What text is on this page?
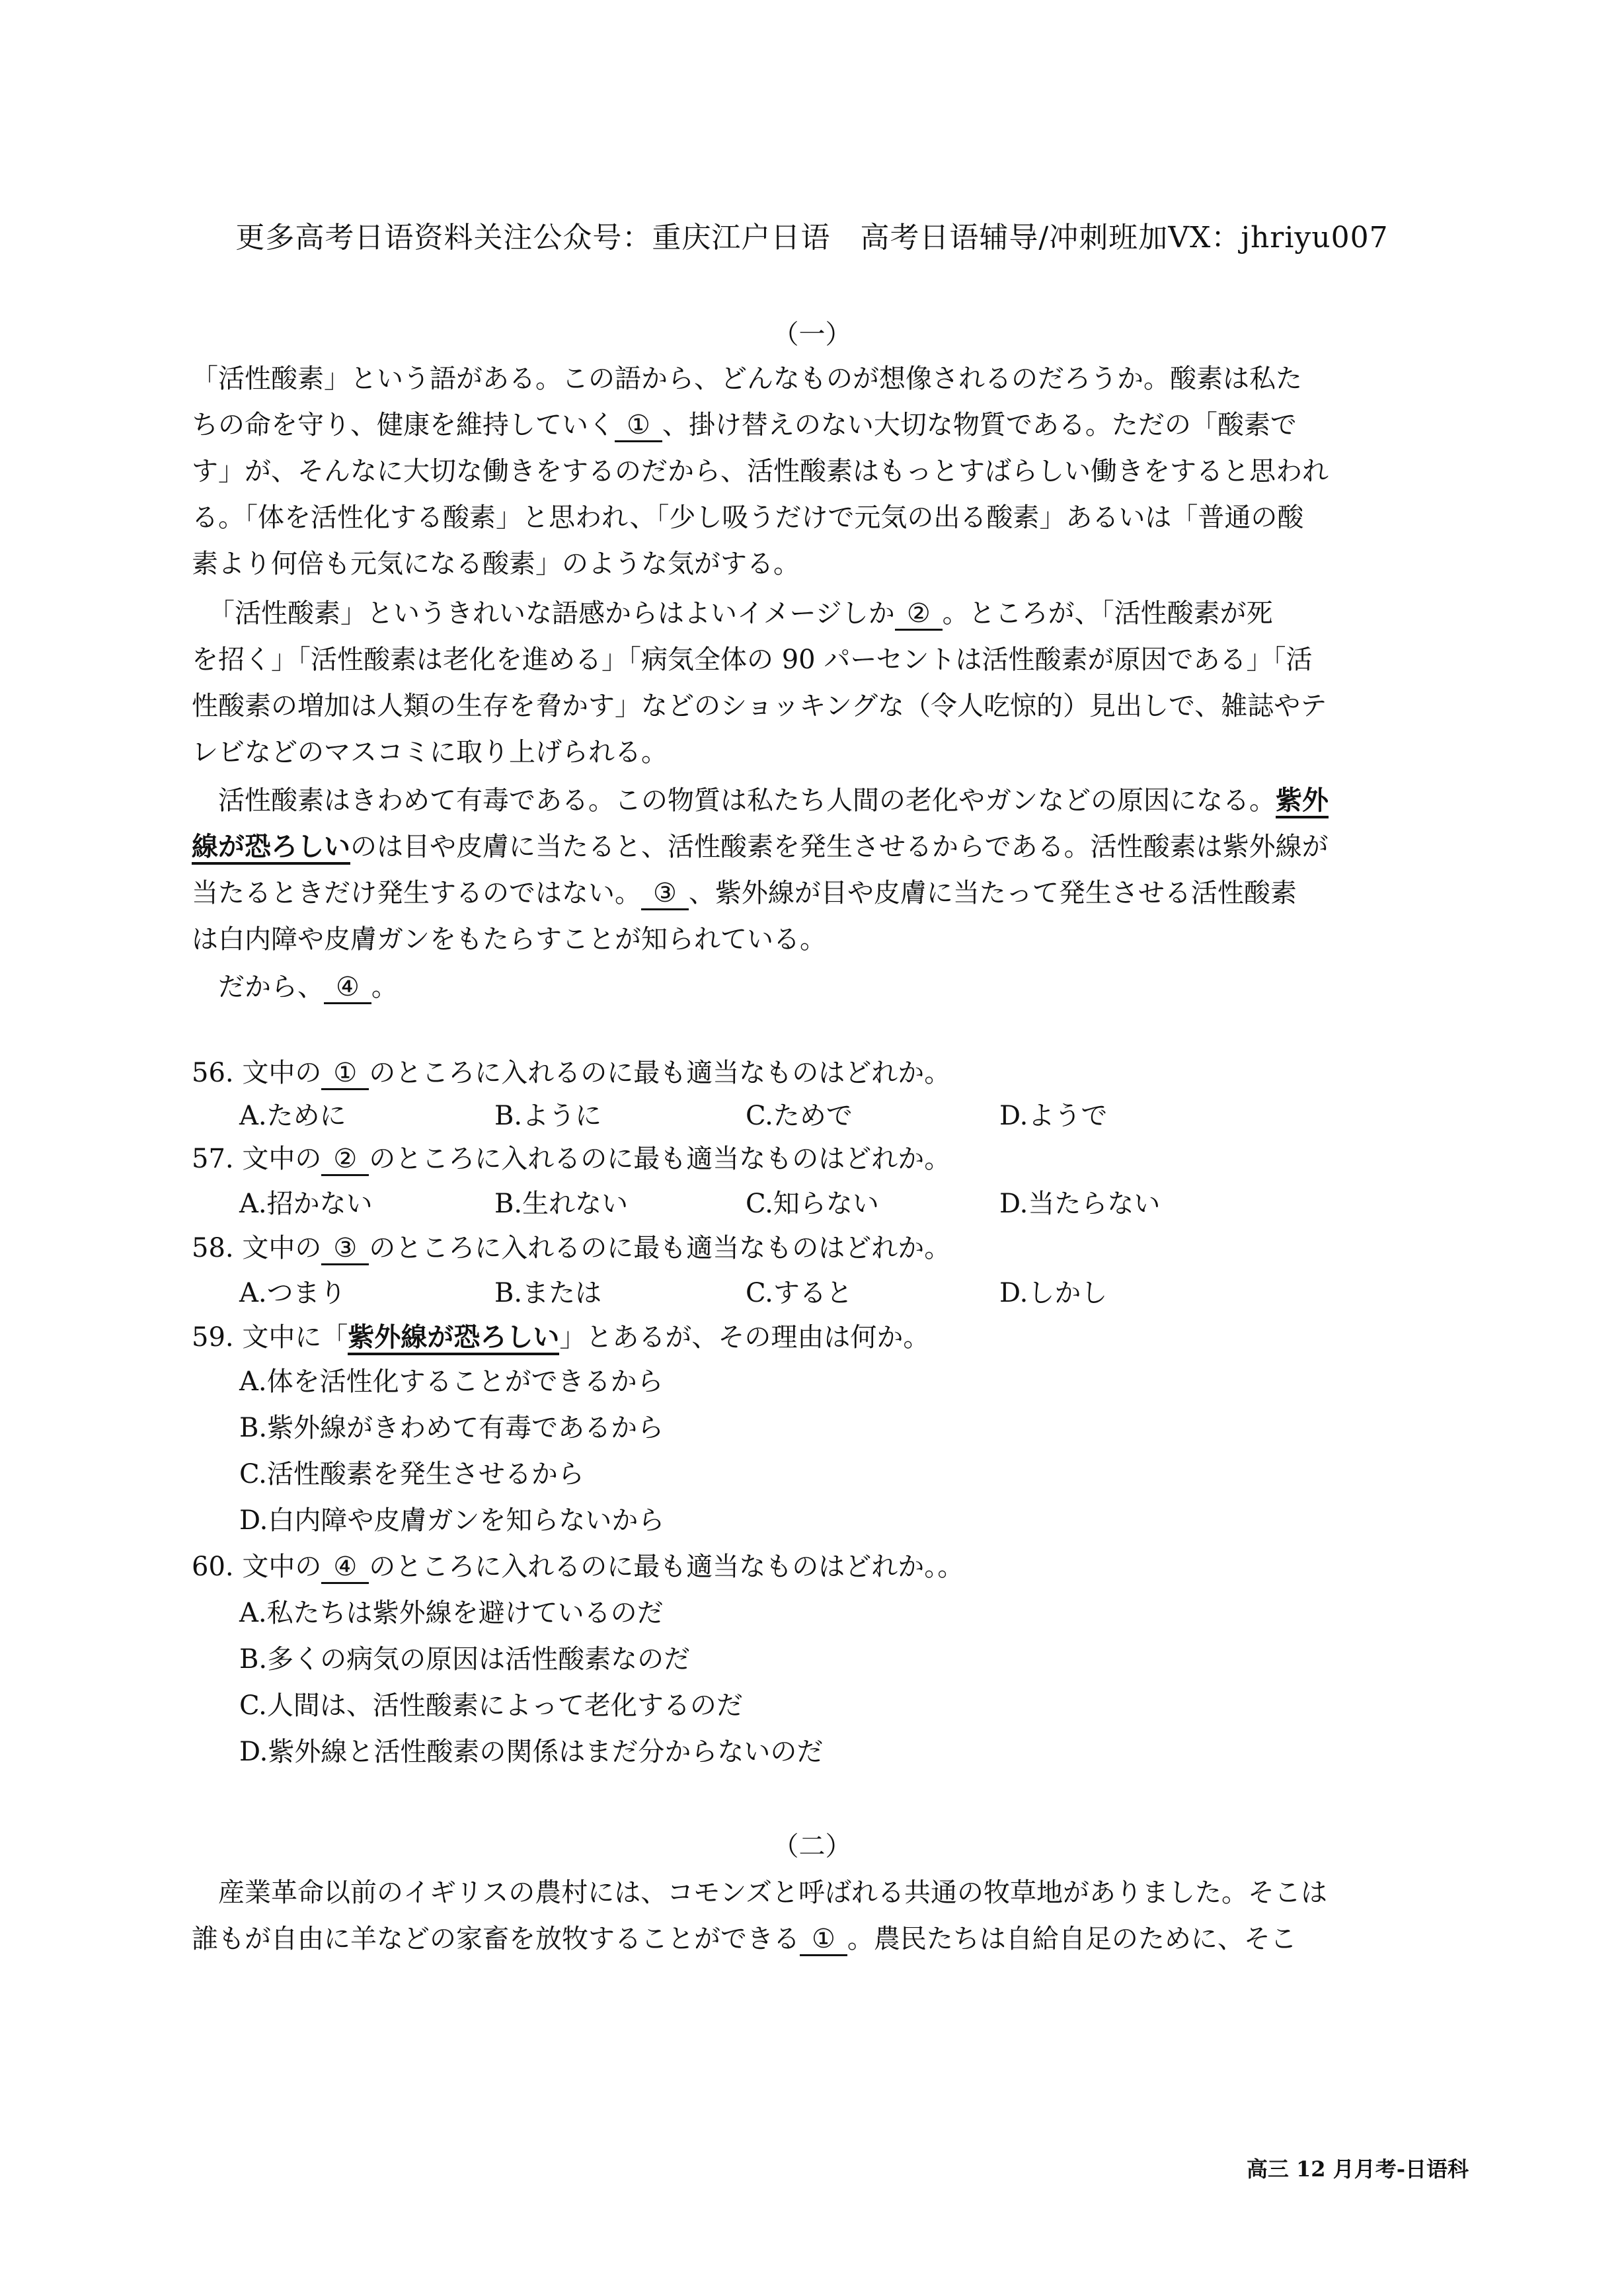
更多高考日语资料关注公众号：重庆江户日语　高考日语辅导/冲刺班加VX：jhriyu007
（一）
「活性酸素」という語がある。この語から、どんなものが想像されるのだろうか。酸素は私た
ちの命を守り、健康を維持していく ① 、掛け替えのない大切な物質である。ただの「酸素で
す」が、そんなに大切な働きをするのだから、活性酸素はもっとすばらしい働きをすると思われ
る。「体を活性化する酸素」と思われ、「少し吸うだけで元気の出る酸素」あるいは「普通の酸
素より何倍も元気になる酸素」のような気がする。
「活性酸素」というきれいな語感からはよいイメージしか ② 。ところが、「活性酸素が死
を招く」「活性酸素は老化を進める」「病気全体の 90 パーセントは活性酸素が原因である」「活
性酸素の増加は人類の生存を脅かす」などのショッキングな（令人吃惊的）見出しで、雑誌やテ
レビなどのマスコミに取り上げられる。
活性酸素はきわめて有毒である。この物質は私たち人間の老化やガンなどの原因になる。紫外
線が恐ろしいのは目や皮膚に当たると、活性酸素を発生させるからである。活性酸素は紫外線が
当たるときだけ発生するのではない。 ③ 、紫外線が目や皮膚に当たって発生させる活性酸素
は白内障や皮膚ガンをもたらすことが知られている。
だから、 ④ 。
56. 文中の ① のところに入れるのに最も適当なものはどれか。
A.ために	B.ように	C.ためで	D.ようで
57. 文中の ② のところに入れるのに最も適当なものはどれか。
A.招かない	B.生れない	C.知らない	D.当たらない
58. 文中の ③ のところに入れるのに最も適当なものはどれか。
A.つまり	B.または	C.すると	D.しかし
59. 文中に「紫外線が恐ろしい」とあるが、その理由は何か。
A.体を活性化することができるから
B.紫外線がきわめて有毒であるから
C.活性酸素を発生させるから
D.白内障や皮膚ガンを知らないから
60. 文中の ④ のところに入れるのに最も適当なものはどれか。。
A.私たちは紫外線を避けているのだ
B.多くの病気の原因は活性酸素なのだ
C.人間は、活性酸素によって老化するのだ
D.紫外線と活性酸素の関係はまだ分からないのだ
（二）
産業革命以前のイギリスの農村には、コモンズと呼ばれる共通の牧草地がありました。そこは
誰もが自由に羊などの家畜を放牧することができる ① 。農民たちは自給自足のために、そこ
高三 12 月月考-日语科
